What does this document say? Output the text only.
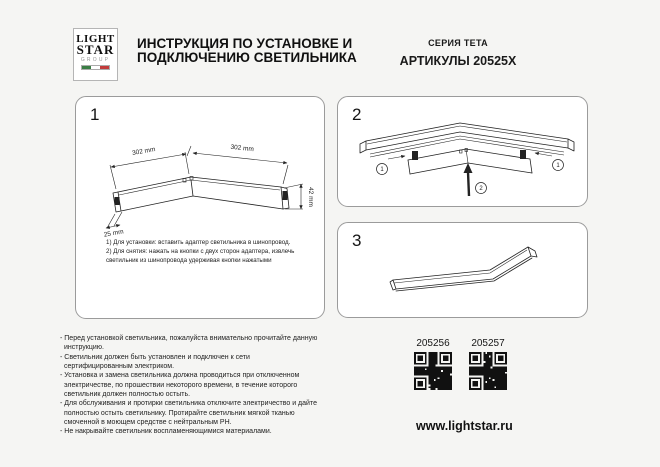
LIGHT
STAR
GROUP
ИНСТРУКЦИЯ ПО УСТАНОВКЕ И
ПОДКЛЮЧЕНИЮ СВЕТИЛЬНИКА
СЕРИЯ TETA
АРТИКУЛЫ 20525X
1
302 mm	302 mm
42 mm
25 mm
1) Для установки: вставить адаптер светильника в шинопровод.
2) Для снятия: нажать на кнопки с двух сторон адаптера, извлечь
светильник из шинопровода удерживая кнопки нажатыми
2
1
1
2
3
- Перед установкой светильника, пожалуйста внимательно прочитайте данную инструкцию.
- Светильник должен быть установлен и подключен к сети сертифицированным электриком.
- Установка и замена светильника должна проводиться при отключенном электричестве, по прошествии некоторого времени, в течение которого светильник должен полностью остыть.
- Для обслуживания и протирки светильника отключите электричество и дайте полностью остыть светильнику. Протирайте светильник мягкой тканью смоченной в моющем средстве с нейтральным PH.
- Не накрывайте светильник воспламеняющимися материалами.
205256 205257
www.lightstar.ru
